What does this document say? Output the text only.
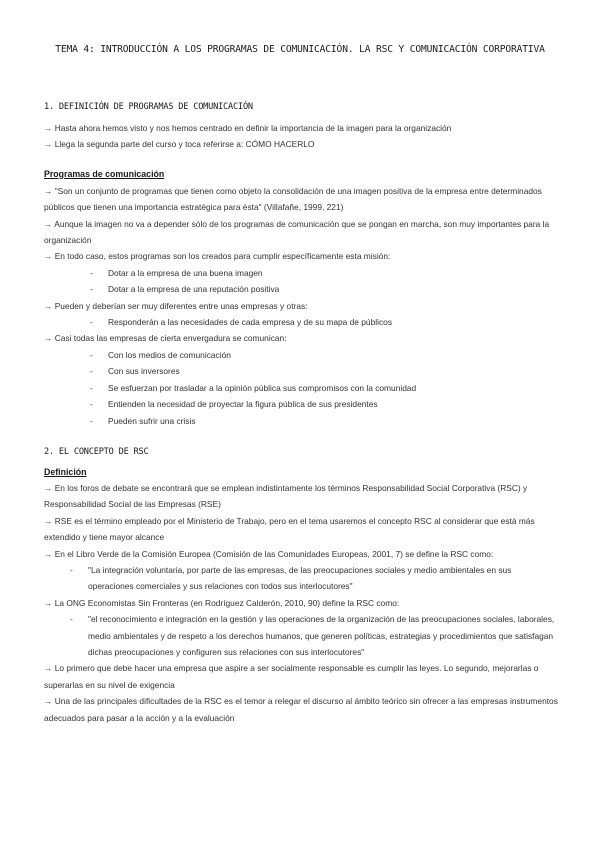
TEMA 4: INTRODUCCIÓN A LOS PROGRAMAS DE COMUNICACIÓN. LA RSC Y COMUNICACIÓN CORPORATIVA
1. DEFINICIÓN DE PROGRAMAS DE COMUNICACIÓN
→ Hasta ahora hemos visto y nos hemos centrado en definir la importancia de la imagen para la organización
→ Llega la segunda parte del curso y toca referirse a: CÓMO HACERLO
Programas de comunicación
→ "Son un conjunto de programas que tienen como objeto la consolidación de una imagen positiva de la empresa entre determinados públicos que tienen una importancia estratégica para ésta" (Villafañe, 1999, 221)
→ Aunque la imagen no va a depender sólo de los programas de comunicación que se pongan en marcha, son muy importantes para la organización
→ En todo caso, estos programas son los creados para cumplir específicamente esta misión:
- Dotar a la empresa de una buena imagen
- Dotar a la empresa de una reputación positiva
→ Pueden y deberían ser muy diferentes entre unas empresas y otras:
- Responderán a las necesidades de cada empresa y de su mapa de públicos
→ Casi todas las empresas de cierta envergadura se comunican:
- Con los medios de comunicación
- Con sus inversores
- Se esfuerzan por trasladar a la opinión pública sus compromisos con la comunidad
- Entienden la necesidad de proyectar la figura pública de sus presidentes
- Pueden sufrir una crisis
2. EL CONCEPTO DE RSC
Definición
→ En los foros de debate se encontrará que se emplean indistintamente los términos Responsabilidad Social Corporativa (RSC) y Responsabilidad Social de las Empresas (RSE)
→ RSE es el término empleado por el Ministerio de Trabajo, pero en el tema usaremos el concepto RSC al considerar que está más extendido y tiene mayor alcance
→ En el Libro Verde de la Comisión Europea (Comisión de las Comunidades Europeas, 2001, 7) se define la RSC como:
- "La integración voluntaria, por parte de las empresas, de las preocupaciones sociales y medio ambientales en sus operaciones comerciales y sus relaciones con todos sus interlocutores"
→ La ONG Economistas Sin Fronteras (en Rodríguez Calderón, 2010, 90) define la RSC como:
- "el reconocimiento e integración en la gestión y las operaciones de la organización de las preocupaciones sociales, laborales, medio ambientales y de respeto a los derechos humanos, que generen políticas, estrategias y procedimientos que satisfagan dichas preocupaciones y configuren sus relaciones con sus interlocutores"
→ Lo primero que debe hacer una empresa que aspire a ser socialmente responsable es cumplir las leyes. Lo segundo, mejorarlas o superarlas en su nivel de exigencia
→ Una de las principales dificultades de la RSC es el temor a relegar el discurso al ámbito teórico sin ofrecer a las empresas instrumentos adecuados para pasar a la acción y a la evaluación
